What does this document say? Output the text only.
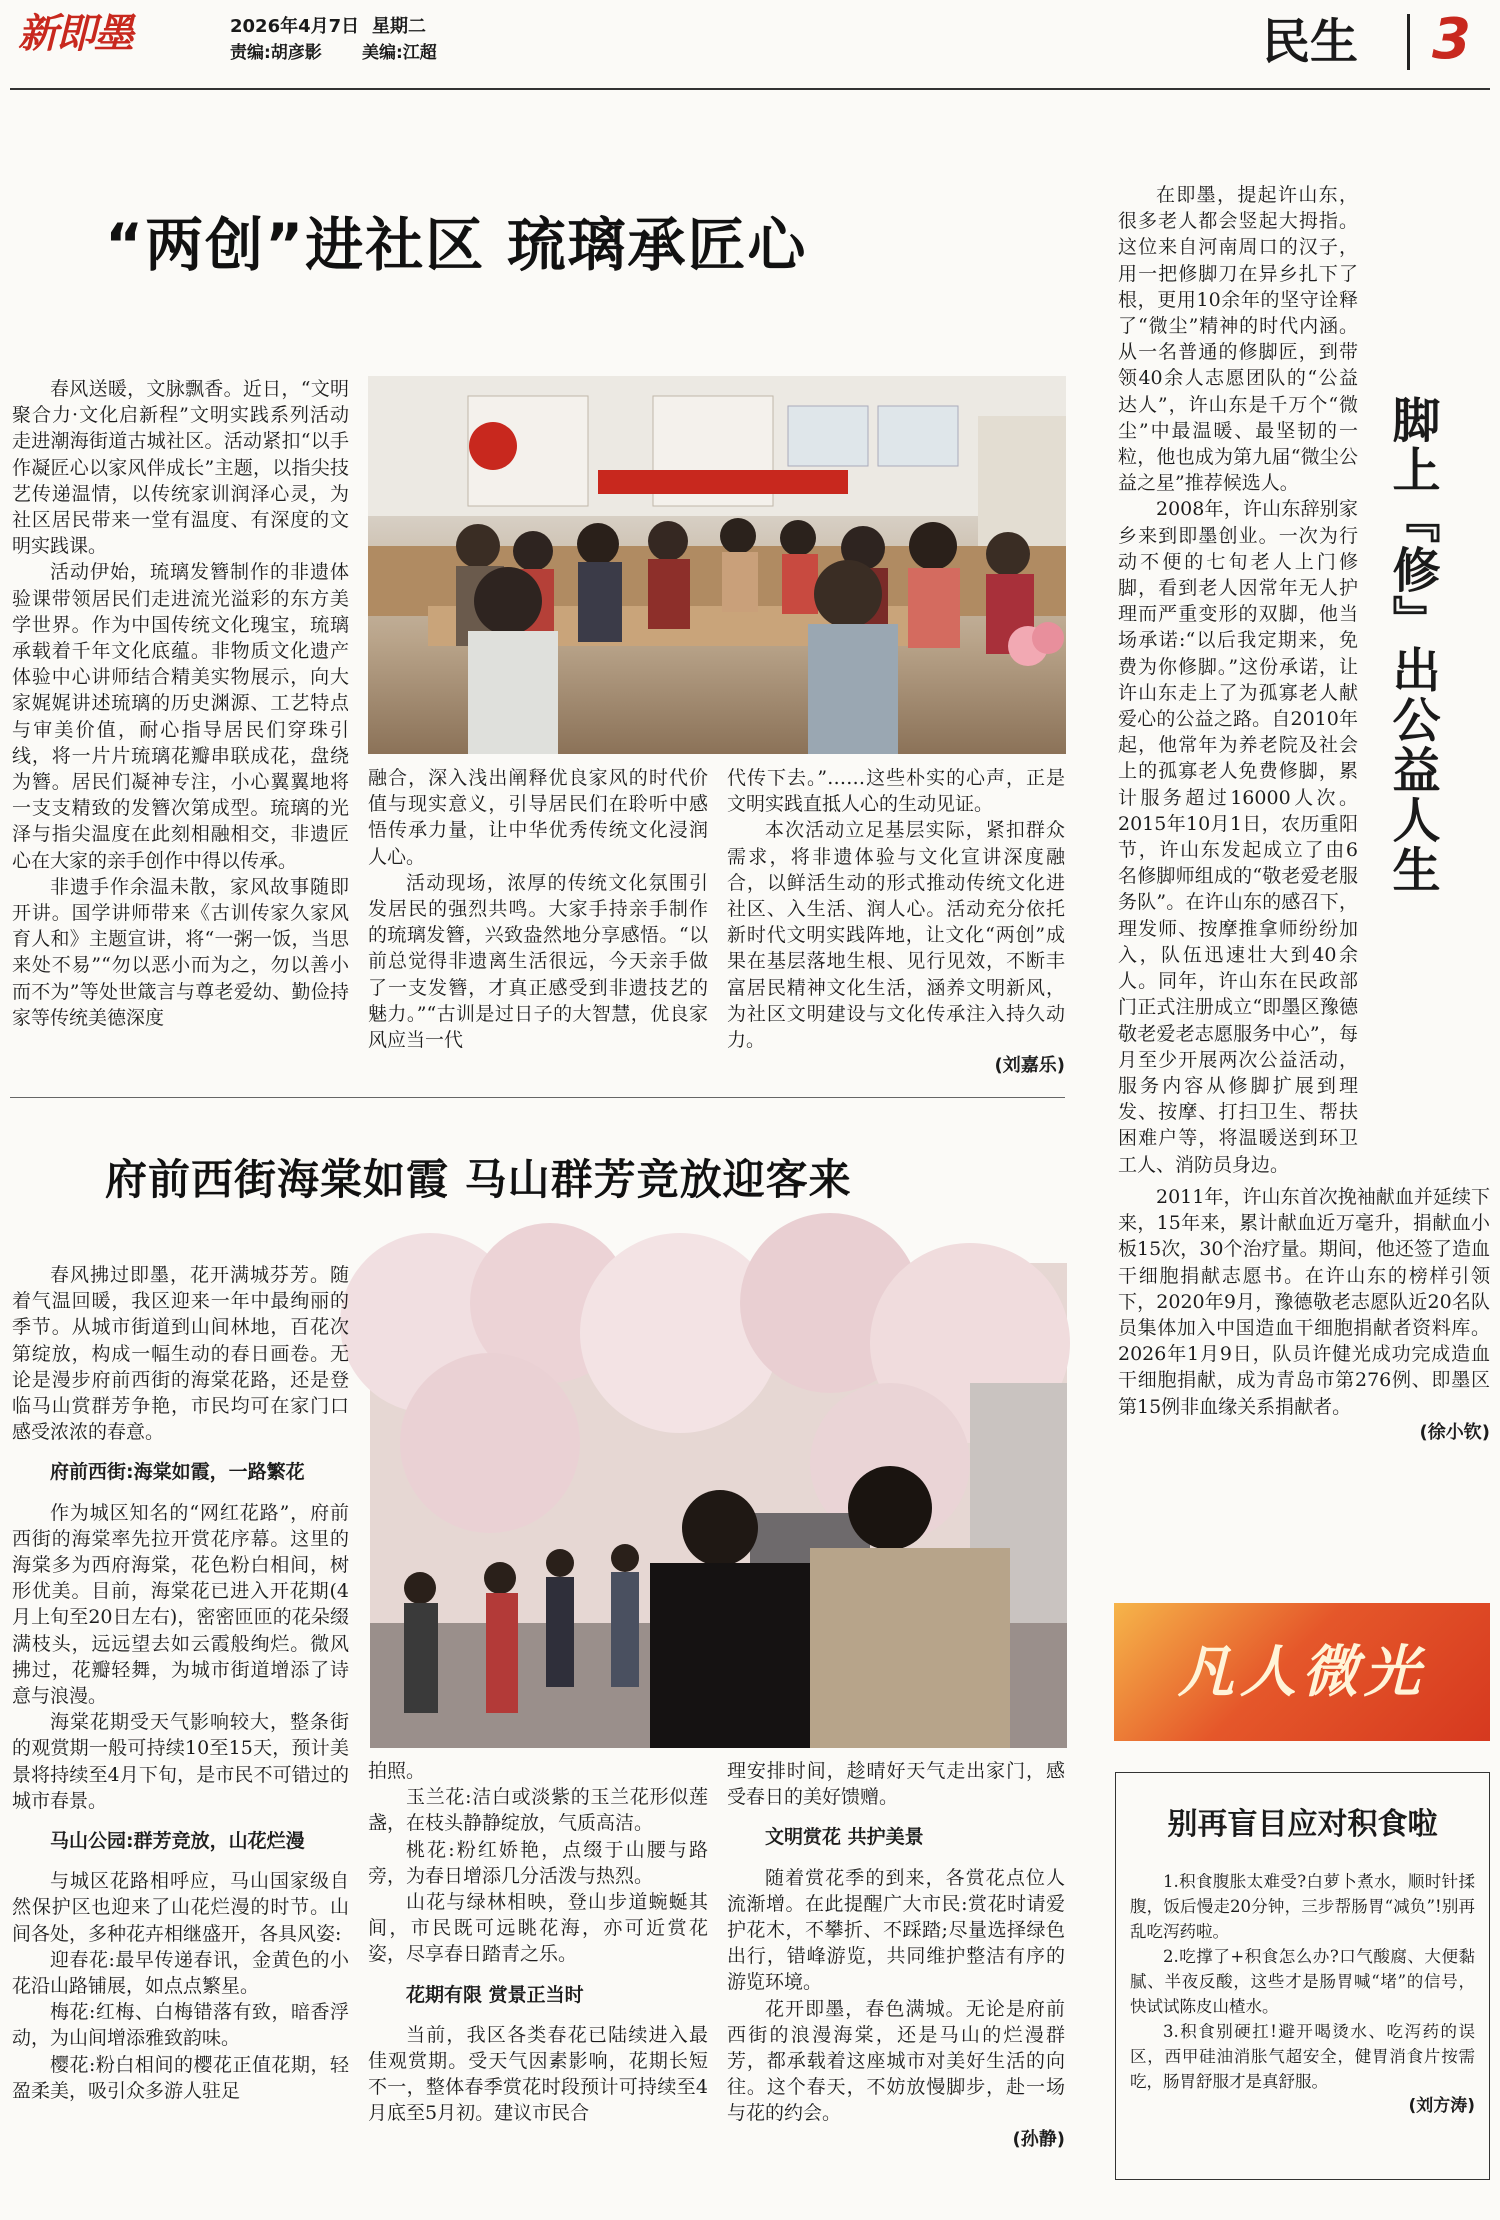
新即墨	2026年4月7日 星期二
责编:胡彦影 美编:江超	民生 3
“两创”进社区 琉璃承匠心

春风送暖，文脉飘香。近日，“文明聚合力·文化启新程”文明实践系列活动走进潮海街道古城社区。活动紧扣“以手作凝匠心以家风伴成长”主题，以指尖技艺传递温情，以传统家训润泽心灵，为社区居民带来一堂有温度、有深度的文明实践课。

活动伊始，琉璃发簪制作的非遗体验课带领居民们走进流光溢彩的东方美学世界。作为中国传统文化瑰宝，琉璃承载着千年文化底蕴。非物质文化遗产体验中心讲师结合精美实物展示，向大家娓娓讲述琉璃的历史渊源、工艺特点与审美价值，耐心指导居民们穿珠引线，将一片片琉璃花瓣串联成花，盘绕为簪。居民们凝神专注，小心翼翼地将一支支精致的发簪次第成型。琉璃的光泽与指尖温度在此刻相融相交，非遗匠心在大家的亲手创作中得以传承。

非遗手作余温未散，家风故事随即开讲。国学讲师带来《古训传家久家风育人和》主题宣讲，将“一粥一饭，当思来处不易”“勿以恶小而为之，勿以善小而不为”等处世箴言与尊老爱幼、勤俭持家等传统美德深度

融合，深入浅出阐释优良家风的时代价值与现实意义，引导居民们在聆听中感悟传承力量，让中华优秀传统文化浸润人心。

活动现场，浓厚的传统文化氛围引发居民的强烈共鸣。大家手持亲手制作的琉璃发簪，兴致盎然地分享感悟。“以前总觉得非遗离生活很远，今天亲手做了一支发簪，才真正感受到非遗技艺的魅力。”“古训是过日子的大智慧，优良家风应当一代

代传下去。”……这些朴实的心声，正是文明实践直抵人心的生动见证。

本次活动立足基层实际，紧扣群众需求，将非遗体验与文化宣讲深度融合，以鲜活生动的形式推动传统文化进社区、入生活、润人心。活动充分依托新时代文明实践阵地，让文化“两创”成果在基层落地生根、见行见效，不断丰富居民精神文化生活，涵养文明新风，为社区文明建设与文化传承注入持久动力。

(刘嘉乐)
府前西街海棠如霞 马山群芳竞放迎客来

春风拂过即墨，花开满城芬芳。随着气温回暖，我区迎来一年中最绚丽的季节。从城市街道到山间林地，百花次第绽放，构成一幅生动的春日画卷。无论是漫步府前西街的海棠花路，还是登临马山赏群芳争艳，市民均可在家门口感受浓浓的春意。

府前西街:海棠如霞，一路繁花

作为城区知名的“网红花路”，府前西街的海棠率先拉开赏花序幕。这里的海棠多为西府海棠，花色粉白相间，树形优美。目前，海棠花已进入开花期(4月上旬至20日左右)，密密匝匝的花朵缀满枝头，远远望去如云霞般绚烂。微风拂过，花瓣轻舞，为城市街道增添了诗意与浪漫。

海棠花期受天气影响较大，整条街的观赏期一般可持续10至15天，预计美景将持续至4月下旬，是市民不可错过的城市春景。

马山公园:群芳竞放，山花烂漫

与城区花路相呼应，马山国家级自然保护区也迎来了山花烂漫的时节。山间各处，多种花卉相继盛开，各具风姿:

迎春花:最早传递春讯，金黄色的小花沿山路铺展，如点点繁星。

梅花:红梅、白梅错落有致，暗香浮动，为山间增添雅致韵味。

樱花:粉白相间的樱花正值花期，轻盈柔美，吸引众多游人驻足

拍照。

玉兰花:洁白或淡紫的玉兰花形似莲盏，在枝头静静绽放，气质高洁。

桃花:粉红娇艳，点缀于山腰与路旁，为春日增添几分活泼与热烈。

山花与绿林相映，登山步道蜿蜒其间，市民既可远眺花海，亦可近赏花姿，尽享春日踏青之乐。

花期有限 赏景正当时

当前，我区各类春花已陆续进入最佳观赏期。受天气因素影响，花期长短不一，整体春季赏花时段预计可持续至4月底至5月初。建议市民合

理安排时间，趁晴好天气走出家门，感受春日的美好馈赠。

文明赏花 共护美景

随着赏花季的到来，各赏花点位人流渐增。在此提醒广大市民:赏花时请爱护花木，不攀折、不踩踏;尽量选择绿色出行，错峰游览，共同维护整洁有序的游览环境。

花开即墨，春色满城。无论是府前西街的浪漫海棠，还是马山的烂漫群芳，都承载着这座城市对美好生活的向往。这个春天，不妨放慢脚步，赴一场与花的约会。

(孙静)
脚上『修』出公益人生

在即墨，提起许山东，很多老人都会竖起大拇指。这位来自河南周口的汉子，用一把修脚刀在异乡扎下了根，更用10余年的坚守诠释了“微尘”精神的时代内涵。从一名普通的修脚匠，到带领40余人志愿团队的“公益达人”，许山东是千万个“微尘”中最温暖、最坚韧的一粒，他也成为第九届“微尘公益之星”推荐候选人。

2008年，许山东辞别家乡来到即墨创业。一次为行动不便的七旬老人上门修脚，看到老人因常年无人护理而严重变形的双脚，他当场承诺:“以后我定期来，免费为你修脚。”这份承诺，让许山东走上了为孤寡老人献爱心的公益之路。自2010年起，他常年为养老院及社会上的孤寡老人免费修脚，累计服务超过16000人次。2015年10月1日，农历重阳节，许山东发起成立了由6名修脚师组成的“敬老爱老服务队”。在许山东的感召下，理发师、按摩推拿师纷纷加入，队伍迅速壮大到40余人。同年，许山东在民政部门正式注册成立“即墨区豫德敬老爱老志愿服务中心”，每月至少开展两次公益活动，服务内容从修脚扩展到理发、按摩、打扫卫生、帮扶困难户等，将温暖送到环卫工人、消防员身边。

2011年，许山东首次挽袖献血并延续下来，15年来，累计献血近万毫升，捐献血小板15次，30个治疗量。期间，他还签了造血干细胞捐献志愿书。在许山东的榜样引领下，2020年9月，豫德敬老志愿队近20名队员集体加入中国造血干细胞捐献者资料库。2026年1月9日，队员许健光成功完成造血干细胞捐献，成为青岛市第276例、即墨区第15例非血缘关系捐献者。

(徐小钦)
凡人微光
别再盲目应对积食啦

1.积食腹胀太难受?白萝卜煮水，顺时针揉腹，饭后慢走20分钟，三步帮肠胃“减负”!别再乱吃泻药啦。

2.吃撑了+积食怎么办?口气酸腐、大便黏腻、半夜反酸，这些才是肠胃喊“堵”的信号，快试试陈皮山楂水。

3.积食别硬扛!避开喝烫水、吃泻药的误区，西甲硅油消胀气超安全，健胃消食片按需吃，肠胃舒服才是真舒服。

(刘方涛)
